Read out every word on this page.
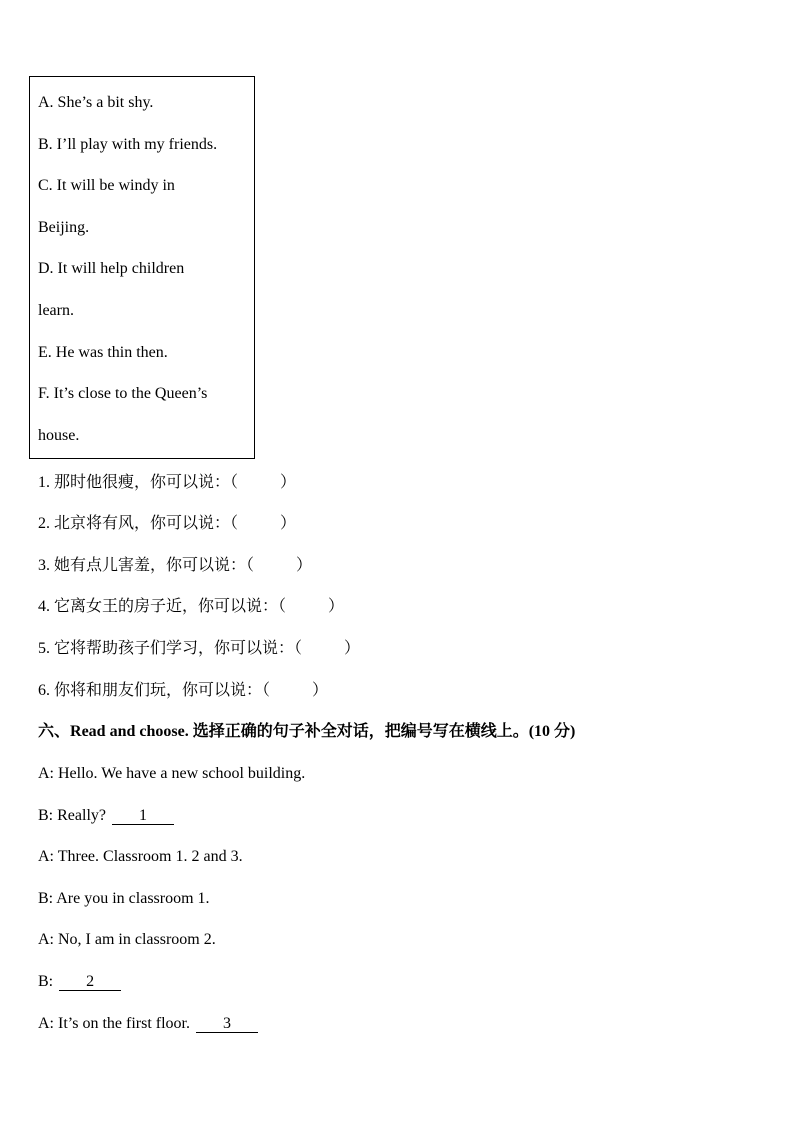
A. She’s a bit shy.
B. I’ll play with my friends.
C. It will be windy in
Beijing.
D. It will help children
learn.
E. He was thin then.
F. It’s close to the Queen’s
house.
1. 那时他很瘦，你可以说：（	）
2. 北京将有风，你可以说：（	）
3. 她有点儿害羞，你可以说：（	）
4. 它离女王的房子近，你可以说：（	）
5. 它将帮助孩子们学习，你可以说：（	）
6. 你将和朋友们玩，你可以说：（	）
六、Read and choose. 选择正确的句子补全对话，把编号写在横线上。(10 分)
A: Hello. We have a new school building.
B: Really? 1
A: Three. Classroom 1. 2 and 3.
B: Are you in classroom 1.
A: No, I am in classroom 2.
B: 2
A: It’s on the first floor. 3
